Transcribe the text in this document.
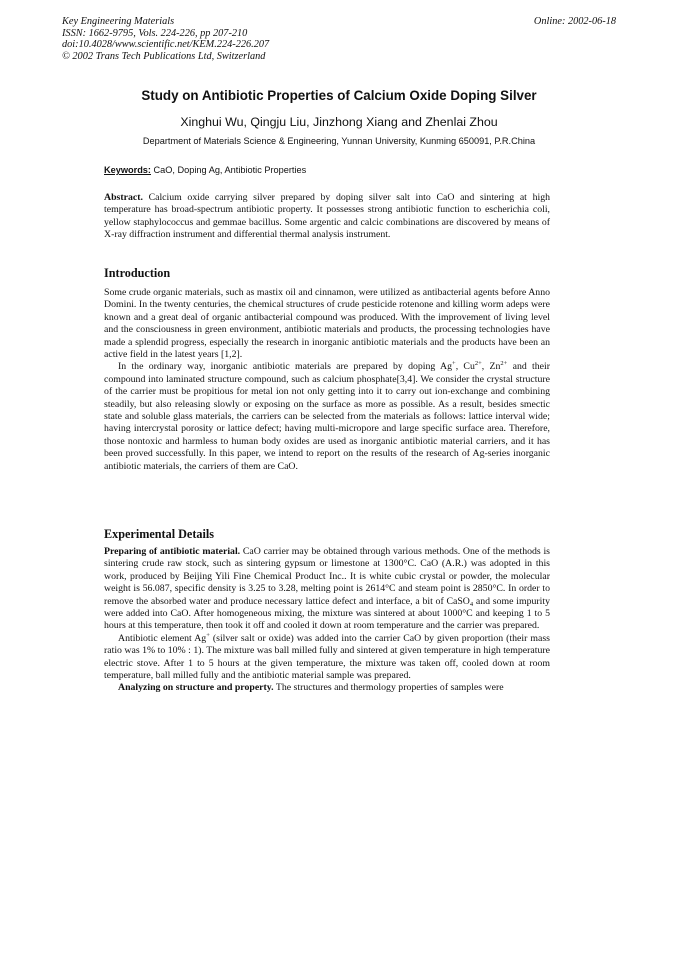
Key Engineering Materials
ISSN: 1662-9795, Vols. 224-226, pp 207-210
doi:10.4028/www.scientific.net/KEM.224-226.207
© 2002 Trans Tech Publications Ltd, Switzerland
Online: 2002-06-18
Study on Antibiotic Properties of Calcium Oxide Doping Silver
Xinghui Wu, Qingju Liu, Jinzhong Xiang and Zhenlai Zhou
Department of Materials Science & Engineering, Yunnan University, Kunming 650091, P.R.China
Keywords: CaO, Doping Ag, Antibiotic Properties

Abstract. Calcium oxide carrying silver prepared by doping silver salt into CaO and sintering at high temperature has broad-spectrum antibiotic property. It possesses strong antibiotic function to escherichia coli, yellow staphylococcus and gemmae bacillus. Some argentic and calcic combinations are discovered by means of X-ray diffraction instrument and differential thermal analysis instrument.

Introduction

Some crude organic materials, such as mastix oil and cinnamon, were utilized as antibacterial agents before Anno Domini. In the twenty centuries, the chemical structures of crude pesticide rotenone and killing worm adeps were known and a great deal of organic antibacterial compound was produced. With the improvement of living level and the consciousness in green environment, antibiotic materials and products, the processing technologies have made a splendid progress, especially the research in inorganic antibiotic materials and the products have been an active field in the latest years [1,2].

In the ordinary way, inorganic antibiotic materials are prepared by doping Ag+, $Cu^{2+}$, $Zn^{2+}$ and their compound into laminated structure compound, such as calcium phosphate[3,4]. We consider the crystal structure of the carrier must be propitious for metal ion not only getting into it to carry out ion-exchange and combining steadily, but also releasing slowly or exposing on the surface as more as possible. As a result, besides smectic state and soluble glass materials, the carriers can be selected from the materials as follows: lattice interval wide; having intercrystal porosity or lattice defect; having multi-micropore and large specific surface area. Therefore, those nontoxic and harmless to human body oxides are used as inorganic antibiotic material carriers, and it has been proved successfully. In this paper, we intend to report on the results of the research of Ag-series inorganic antibiotic materials, the carriers of them are CaO.

Experimental Details

Preparing of antibiotic material. CaO carrier may be obtained through various methods. One of the methods is sintering crude raw stock, such as sintering gypsum or limestone at 1300°C. CaO (A.R.) was adopted in this work, produced by Beijing Yili Fine Chemical Product Inc.. It is white cubic crystal or powder, the molecular weight is 56.087, specific density is 3.25 to 3.28, melting point is 2614°C and steam point is 2850°C. In order to remove the absorbed water and produce necessary lattice defect and interface, a bit of CaSO$_4$ and some impurity were added into CaO. After homogeneous mixing, the mixture was sintered at about 1000°C and keeping 1 to 5 hours at this temperature, then took it off and cooled it down at room temperature and the carrier was prepared.

Antibiotic element Ag+ (silver salt or oxide) was added into the carrier CaO by given proportion (their mass ratio was 1% to 10% : 1). The mixture was ball milled fully and sintered at given temperature in high temperature electric stove. After 1 to 5 hours at the given temperature, the mixture was taken off, cooled down at room temperature, ball milled fully and the antibiotic material sample was prepared.

Analyzing on structure and property. The structures and thermology properties of samples were
